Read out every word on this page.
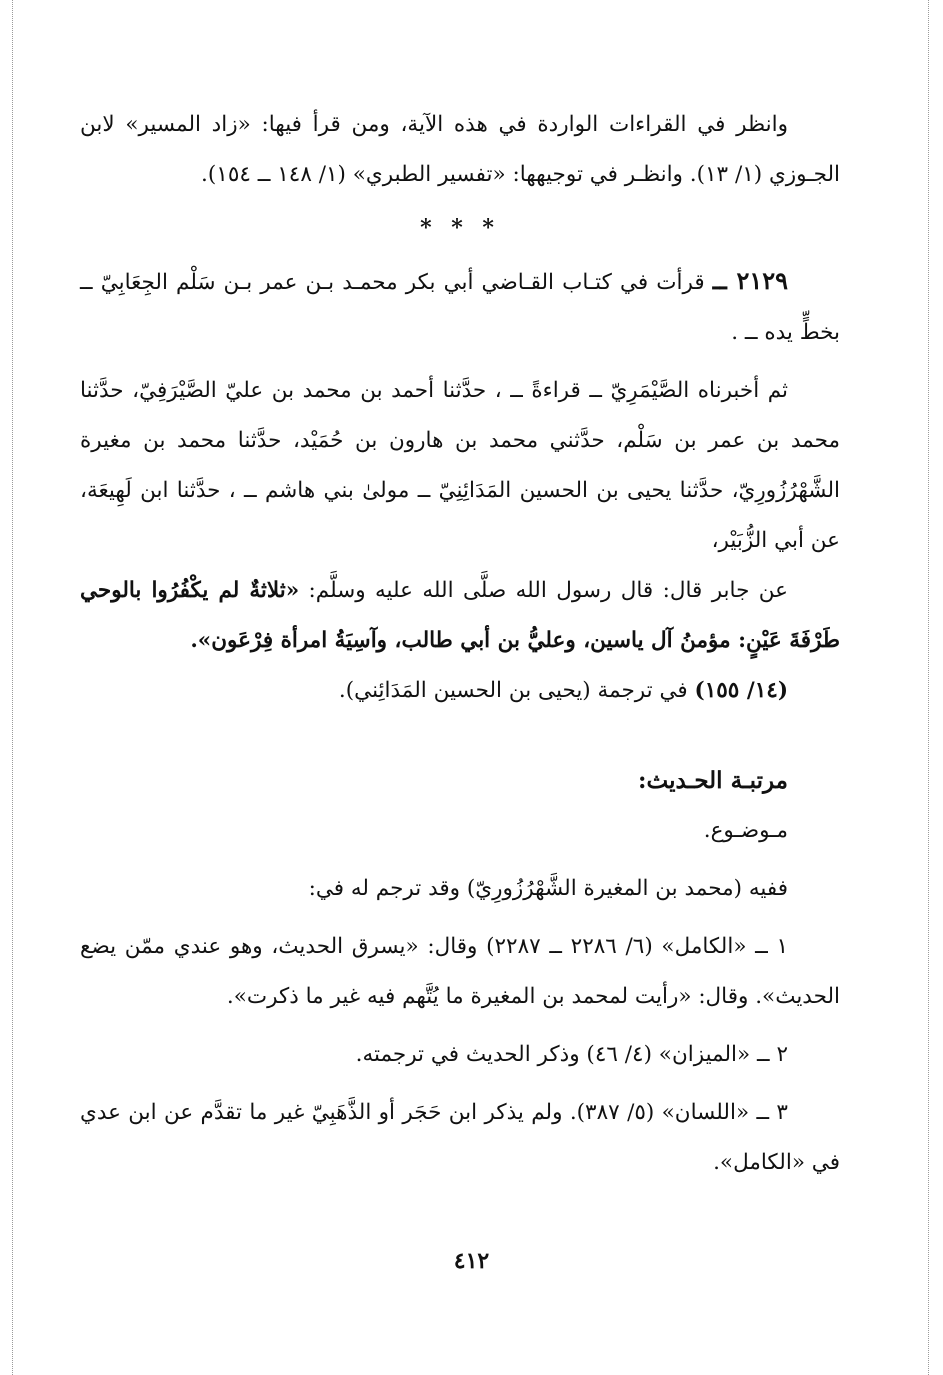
وانظر في القراءات الواردة في هذه الآية، ومن قرأ فيها: «زاد المسير» لابن الجـوزي (١/ ١٣). وانظـر في توجيهها: «تفسير الطبري» (١/ ١٤٨ ــ ١٥٤).

* * *

٢١٢٩ ــ قرأت في كتـاب القـاضي أبي بكر محمـد بـن عمر بـن سَلْم الجِعَابِيّ ــ بخطٍّ يده ــ .

ثم أخبرناه الصَّيْمَرِيّ ــ قراءةً ــ ، حدَّثنا أحمد بن محمد بن عليّ الصَّيْرَفِيّ، حدَّثنا محمد بن عمر بن سَلْم، حدَّثني محمد بن هارون بن حُمَيْد، حدَّثنا محمد بن مغيرة الشَّهْرُزُورِيّ، حدَّثنا يحيى بن الحسين المَدَائِنِيّ ــ مولىٰ بني هاشم ــ ، حدَّثنا ابن لَهِيعَة، عن أبي الزُّبَيْر،

عن جابر قال: قال رسول الله صلَّى الله عليه وسلَّم: «ثلاثةٌ لم يكْفُرُوا بالوحي طَرْفَةَ عَيْنٍ: مؤمنُ آل ياسين، وعليُّ بن أبي طالب، وآسِيَةُ امرأة فِرْعَون».

(١٤/ ١٥٥) في ترجمة (يحيى بن الحسين المَدَائِني).

مرتبـة الحـديث:

مـوضـوع.

ففيه (محمد بن المغيرة الشَّهْرُزُورِيّ) وقد ترجم له في:

١ ــ «الكامل» (٦/ ٢٢٨٦ ــ ٢٢٨٧) وقال: «يسرق الحديث، وهو عندي ممّن يضع الحديث». وقال: «رأيت لمحمد بن المغيرة ما يُتَّهم فيه غير ما ذكرت».

٢ ــ «الميزان» (٤/ ٤٦) وذكر الحديث في ترجمته.

٣ ــ «اللسان» (٥/ ٣٨٧). ولم يذكر ابن حَجَر أو الذَّهَبِيّ غير ما تقدَّم عن ابن عدي في «الكامل».

٤١٢
